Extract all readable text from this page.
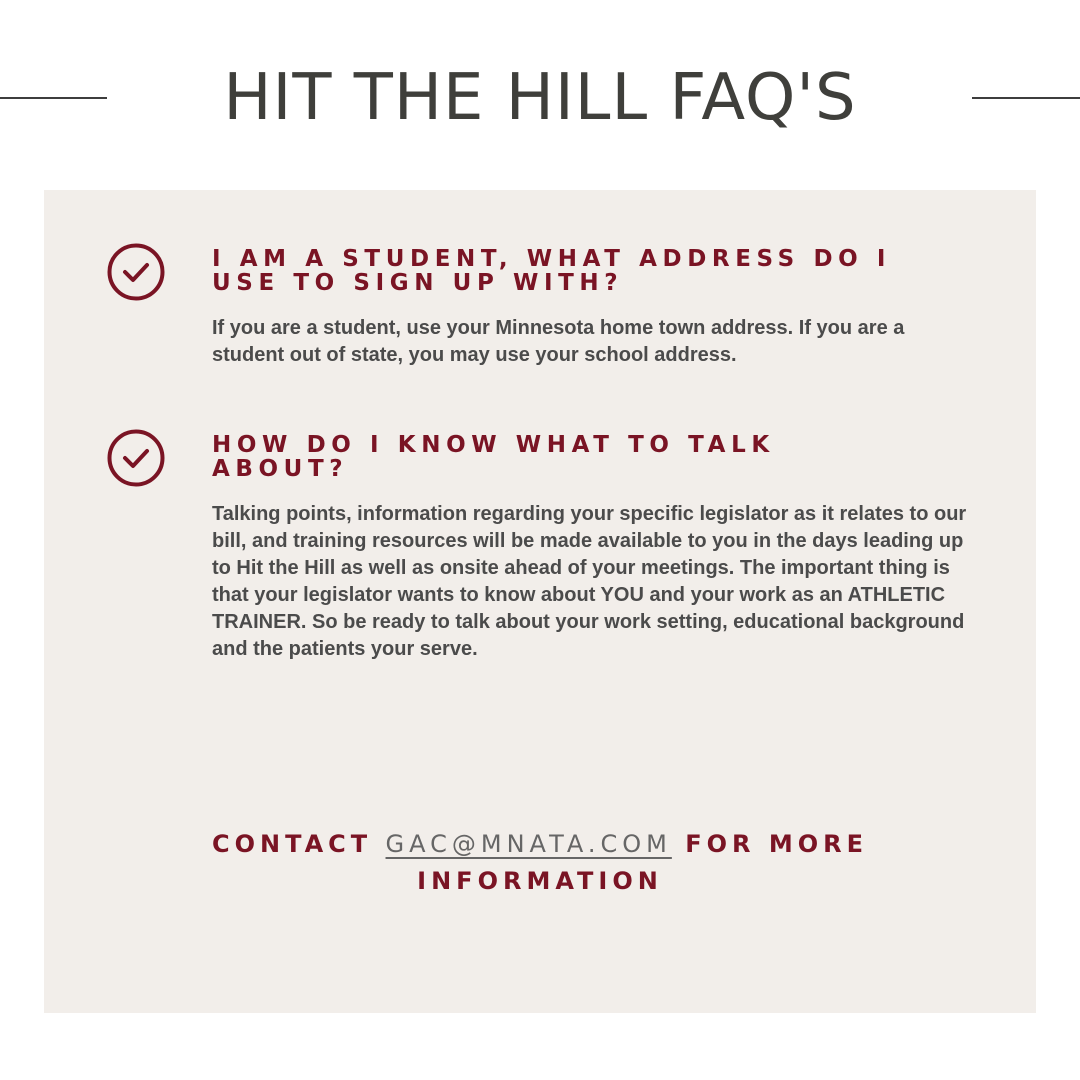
HIT THE HILL FAQ'S
I AM A STUDENT, WHAT ADDRESS DO I
USE TO SIGN UP WITH?

If you are a student, use your Minnesota home town address. If you are a student out of state, you may use your school address.

HOW DO I KNOW WHAT TO TALK
ABOUT?

Talking points, information regarding your specific legislator as it relates to our bill, and training resources will be made available to you in the days leading up to Hit the Hill as well as onsite ahead of your meetings. The important thing is that your legislator wants to know about YOU and your work as an ATHLETIC TRAINER. So be ready to talk about your work setting, educational background and the patients your serve.

CONTACT GAC@MNATA.COM FOR MORE
INFORMATION
